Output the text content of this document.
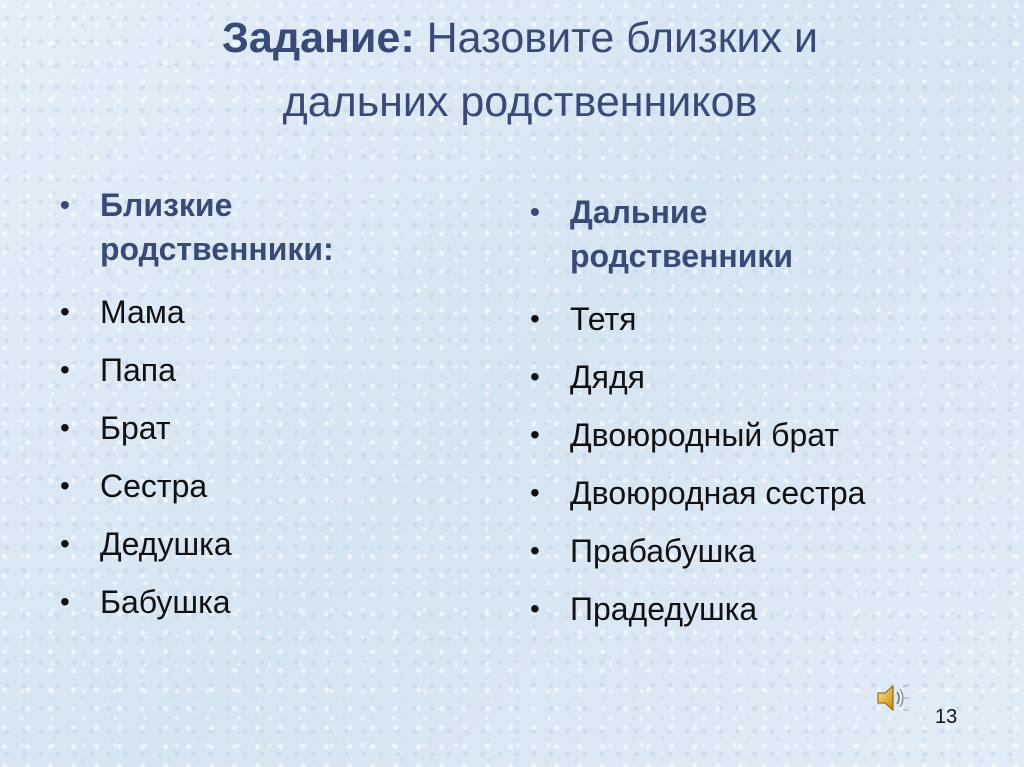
Задание: Назовите близких и
дальних родственников
• Близкие
родственники:
• Мама
• Папа
• Брат
• Сестра
• Дедушка
• Бабушка
• Дальние
родственники
• Тетя
• Дядя
• Двоюродный брат
• Двоюродная сестра
• Прабабушка
• Прадедушка
13
